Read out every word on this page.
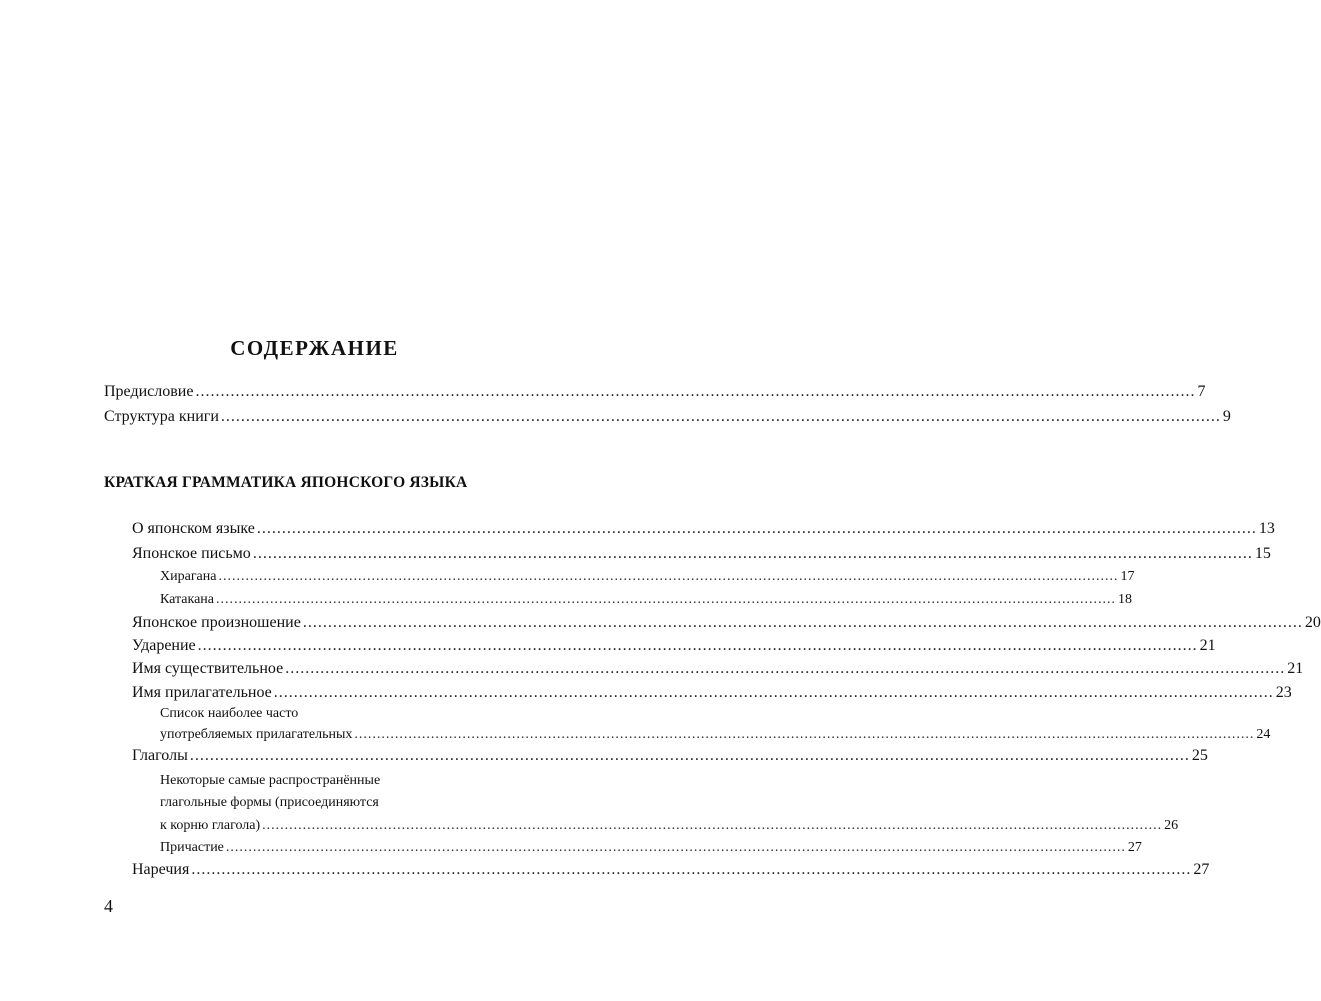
СОДЕРЖАНИЕ
Предисловие ........................................................................................................................................................................................................ 7
Структура книги ........................................................................................................................................................................................................ 9
КРАТКАЯ ГРАММАТИКА ЯПОНСКОГО ЯЗЫКА
О японском языке ........................................................................................................................................................................................................ 13
Японское письмо ........................................................................................................................................................................................................ 15
Хирагана ........................................................................................................................................................................................................ 17
Катакана ........................................................................................................................................................................................................ 18
Японское произношение ........................................................................................................................................................................................................ 20
Ударение ........................................................................................................................................................................................................ 21
Имя существительное ........................................................................................................................................................................................................ 21
Имя прилагательное ........................................................................................................................................................................................................ 23
Список наиболее часто
употребляемых прилагательных ........................................................................................................................................................................................................ 24
Глаголы ........................................................................................................................................................................................................ 25
Некоторые самые распространённые
глагольные формы (присоединяются
к корню глагола) ........................................................................................................................................................................................................ 26
Причастие ........................................................................................................................................................................................................ 27
Наречия ........................................................................................................................................................................................................ 27
4
